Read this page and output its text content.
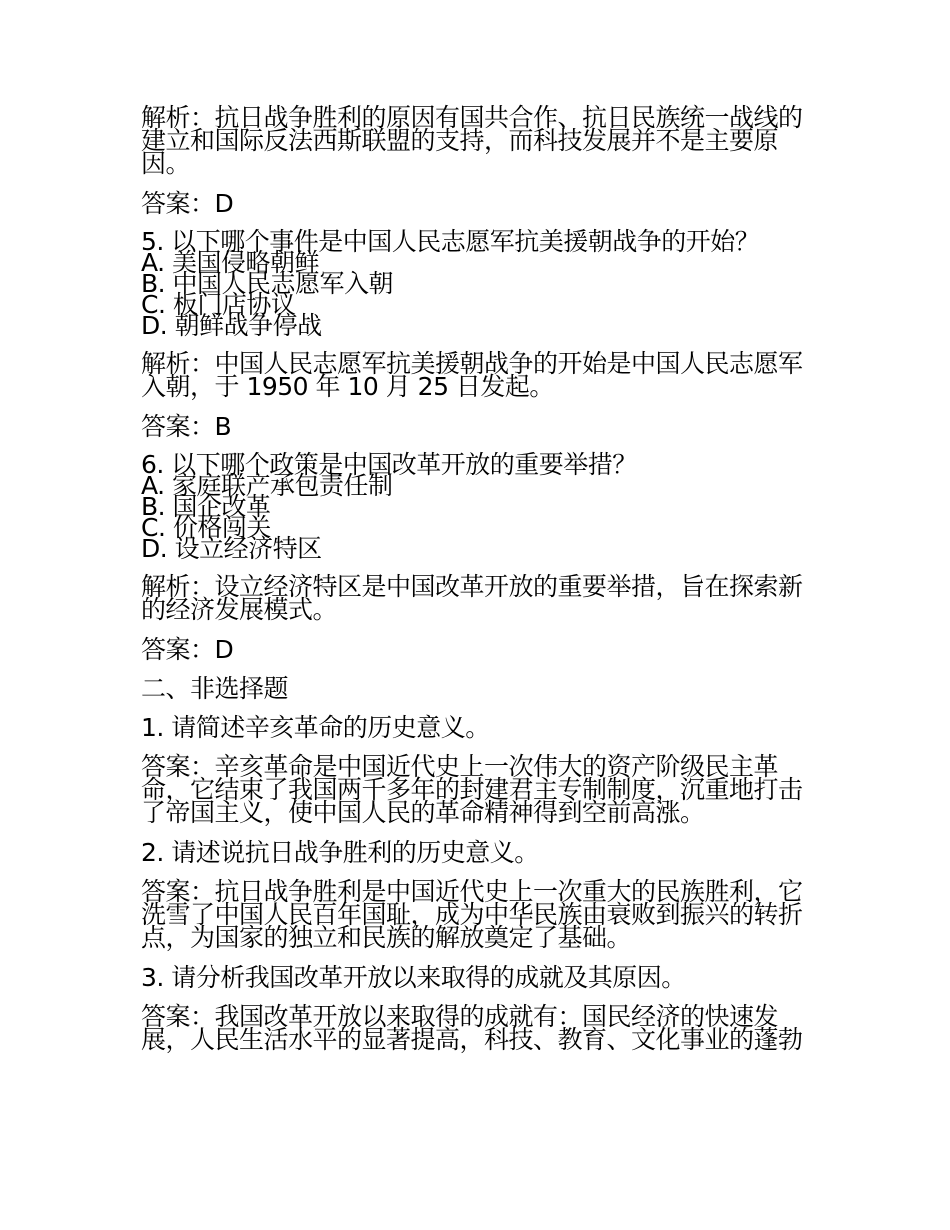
解析：抗日战争胜利的原因有国共合作、抗日民族统一战线的建立和国际反法西斯联盟的支持，而科技发展并不是主要原因。
答案：D
5. 以下哪个事件是中国人民志愿军抗美援朝战争的开始？
A. 美国侵略朝鲜
B. 中国人民志愿军入朝
C. 板门店协议
D. 朝鲜战争停战
解析：中国人民志愿军抗美援朝战争的开始是中国人民志愿军入朝，于 1950 年 10 月 25 日发起。
答案：B
6. 以下哪个政策是中国改革开放的重要举措？
A. 家庭联产承包责任制
B. 国企改革
C. 价格闯关
D. 设立经济特区
解析：设立经济特区是中国改革开放的重要举措，旨在探索新的经济发展模式。
答案：D
二、非选择题
1. 请简述辛亥革命的历史意义。
答案：辛亥革命是中国近代史上一次伟大的资产阶级民主革命，它结束了我国两千多年的封建君主专制制度，沉重地打击了帝国主义，使中国人民的革命精神得到空前高涨。
2. 请述说抗日战争胜利的历史意义。
答案：抗日战争胜利是中国近代史上一次重大的民族胜利，它洗雪了中国人民百年国耻，成为中华民族由衰败到振兴的转折点，为国家的独立和民族的解放奠定了基础。
3. 请分析我国改革开放以来取得的成就及其原因。
答案：我国改革开放以来取得的成就有：国民经济的快速发展，人民生活水平的显著提高，科技、教育、文化事业的蓬勃
